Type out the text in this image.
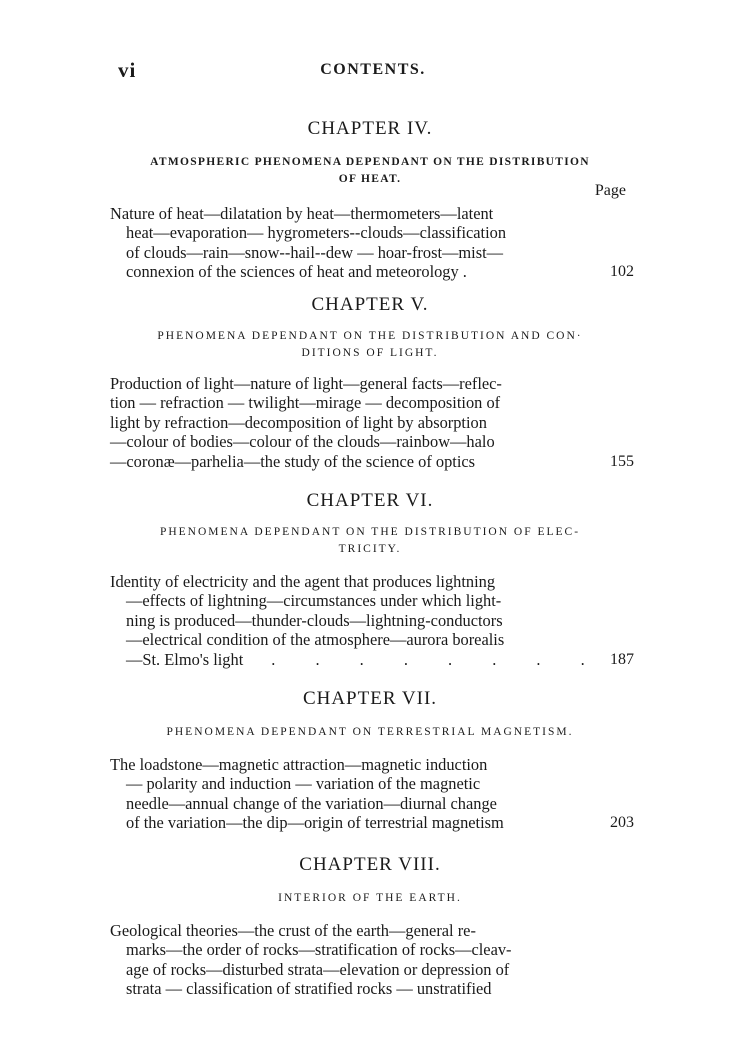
vi	CONTENTS.
CHAPTER IV.

ATMOSPHERIC PHENOMENA DEPENDANT ON THE DISTRIBUTION
OF HEAT.

Page
Nature of heat—dilatation by heat—thermometers—latent
heat—evaporation— hygrometers--clouds—classification
of clouds—rain—snow--hail--dew — hoar-frost—mist—
connexion of the sciences of heat and meteorology .	102
CHAPTER V.

PHENOMENA DEPENDANT ON THE DISTRIBUTION AND CON·
DITIONS OF LIGHT.

Production of light—nature of light—general facts—reflec-
tion — refraction — twilight—mirage — decomposition of
light by refraction—decomposition of light by absorption
—colour of bodies—colour of the clouds—rainbow—halo
—coronæ—parhelia—the study of the science of optics	155
CHAPTER VI.

PHENOMENA DEPENDANT ON THE DISTRIBUTION OF ELEC-
TRICITY.

Identity of electricity and the agent that produces lightning
—effects of lightning—circumstances under which light-
ning is produced—thunder-clouds—lightning-conductors
—electrical condition of the atmosphere—aurora borealis
—St. Elmo's light . . . . . . . . 187
CHAPTER VII.

PHENOMENA DEPENDANT ON TERRESTRIAL MAGNETISM.

The loadstone—magnetic attraction—magnetic induction
— polarity and induction — variation of the magnetic
needle—annual change of the variation—diurnal change
of the variation—the dip—origin of terrestrial magnetism	203
CHAPTER VIII.

INTERIOR OF THE EARTH.

Geological theories—the crust of the earth—general re-
marks—the order of rocks—stratification of rocks—cleav-
age of rocks—disturbed strata—elevation or depression of
strata — classification of stratified rocks — unstratified
